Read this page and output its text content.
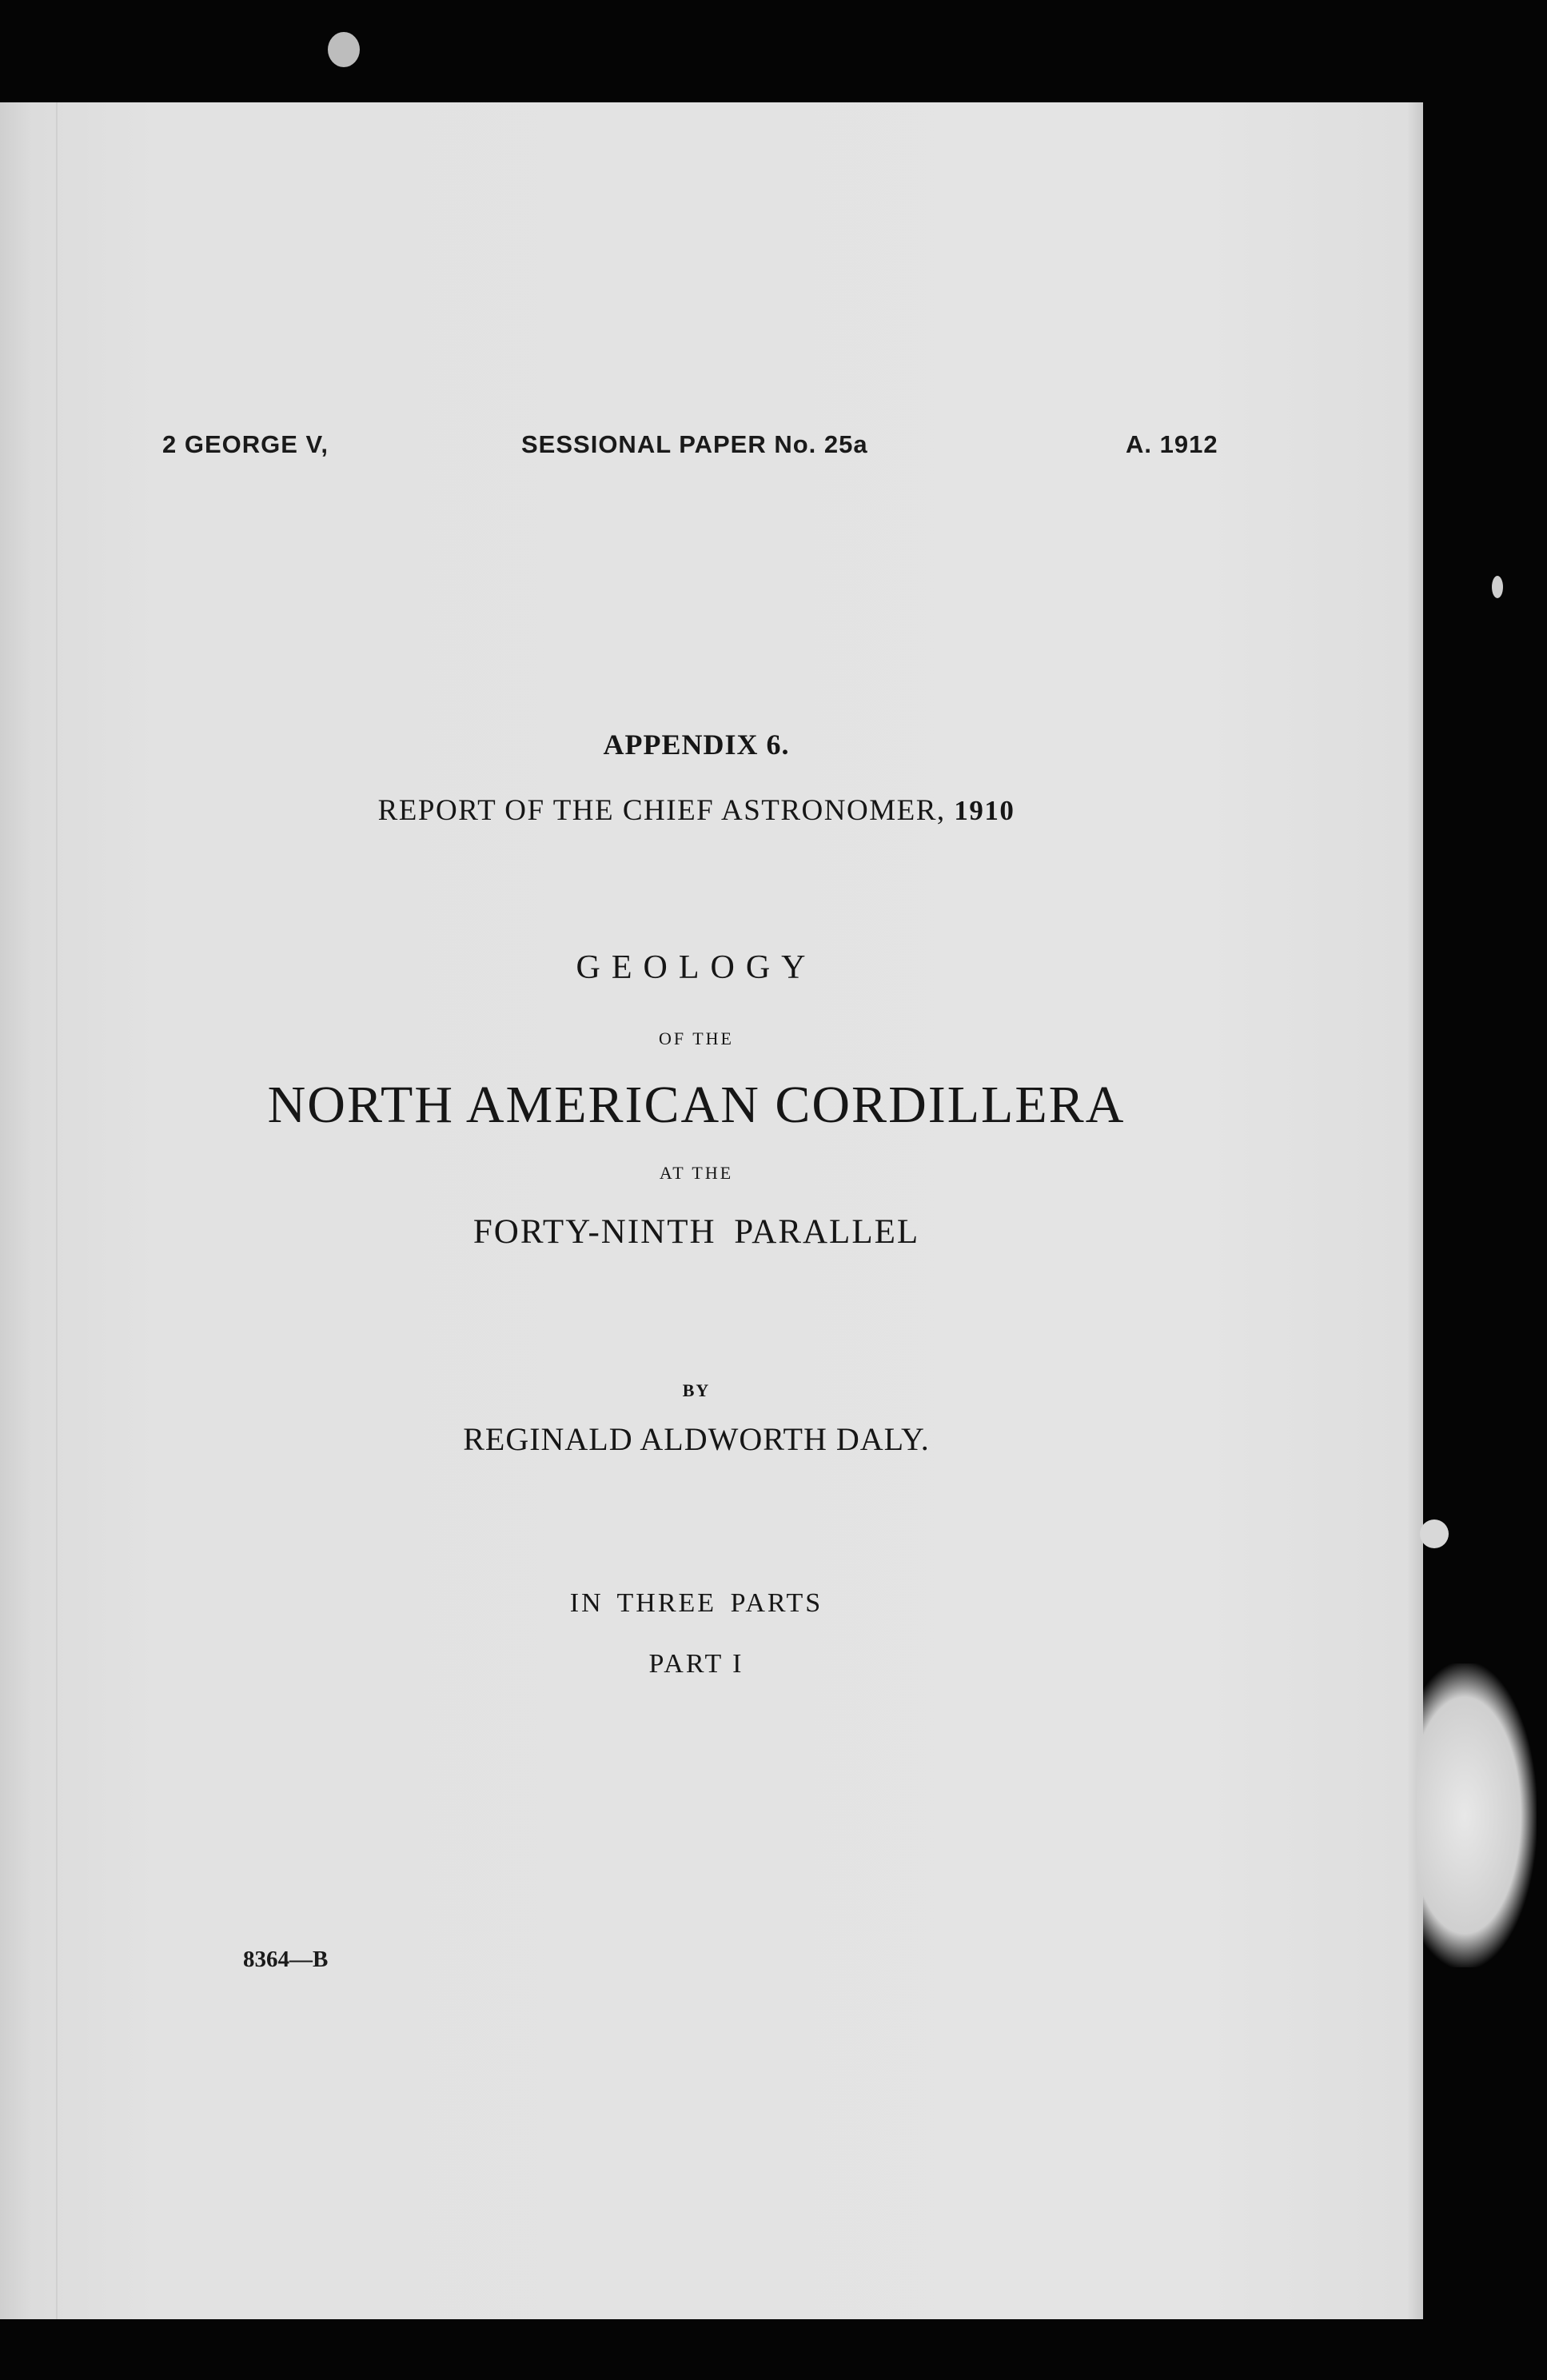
2 GEORGE V,	SESSIONAL PAPER No. 25a	A. 1912
APPENDIX 6.
REPORT OF THE CHIEF ASTRONOMER, 1910
GEOLOGY
OF THE
NORTH AMERICAN CORDILLERA
AT THE
FORTY-NINTH PARALLEL
BY
REGINALD ALDWORTH DALY.
IN THREE PARTS
PART I
8364—B
